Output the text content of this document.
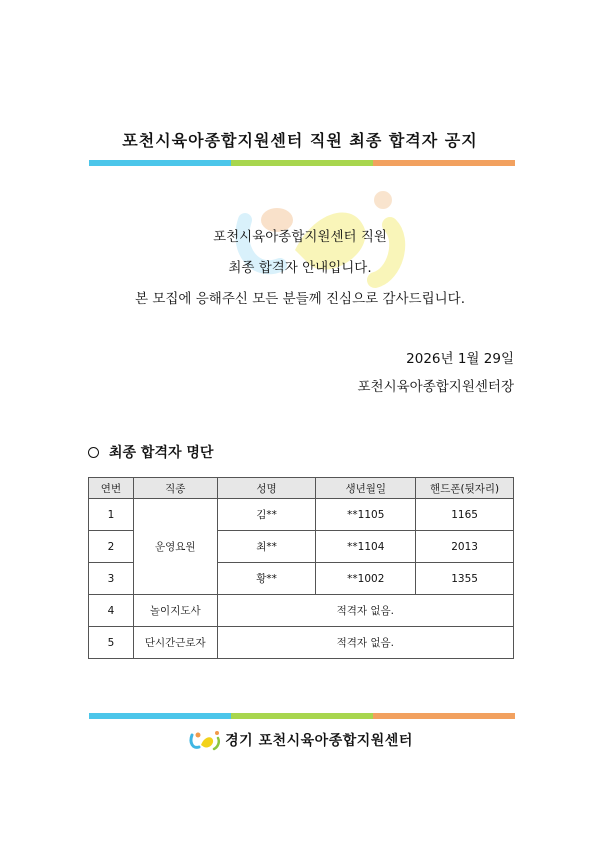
포천시육아종합지원센터 직원 최종 합격자 공지
포천시육아종합지원센터 직원
최종 합격자 안내입니다.
본 모집에 응해주신 모든 분들께 진심으로 감사드립니다.
2026년 1월 29일
포천시육아종합지원센터장
최종 합격자 명단
연번	직종	성명	생년월일	핸드폰(뒷자리)
1	운영요원	김**	**1105	1165
2		최**	**1104	2013
3		황**	**1002	1355
4	놀이지도사	적격자 없음.		
5	단시간근로자	적격자 없음.		
경기 포천시육아종합지원센터
